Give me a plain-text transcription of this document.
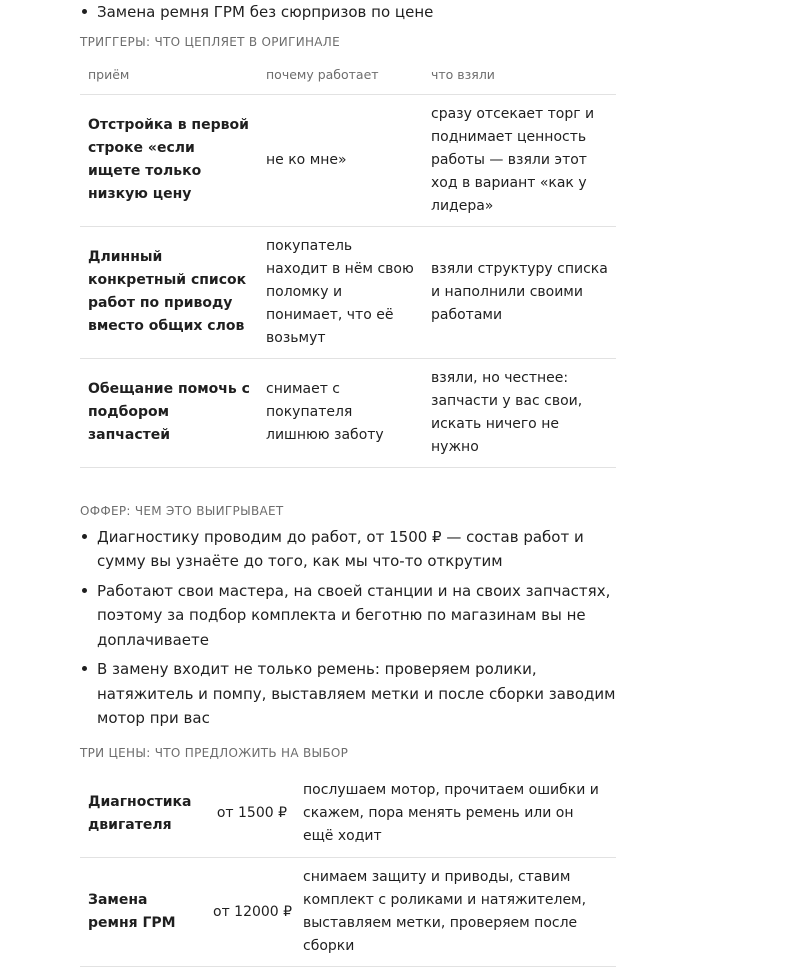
Замена ремня ГРМ без сюрпризов по цене
ТРИГГЕРЫ: ЧТО ЦЕПЛЯЕТ В ОРИГИНАЛЕ
приём	почему работает	что взяли
Отстройка в первой строке «если ищете только низкую цену	не ко мне»	сразу отсекает торг и поднимает ценность работы — взяли этот ход в вариант «как у лидера»
Длинный конкретный список работ по приводу вместо общих слов	покупатель находит в нём свою поломку и понимает, что её возьмут	взяли структуру списка и наполнили своими работами
Обещание помочь с подбором запчастей	снимает с покупателя лишнюю заботу	взяли, но честнее: запчасти у вас свои, искать ничего не нужно
ОФФЕР: ЧЕМ ЭТО ВЫИГРЫВАЕТ
Диагностику проводим до работ, от 1500 ₽ — состав работ и сумму вы узнаёте до того, как мы что-то открутим
Работают свои мастера, на своей станции и на своих запчастях, поэтому за подбор комплекта и беготню по магазинам вы не доплачиваете
В замену входит не только ремень: проверяем ролики, натяжитель и помпу, выставляем метки и после сборки заводим мотор при вас
ТРИ ЦЕНЫ: ЧТО ПРЕДЛОЖИТЬ НА ВЫБОР
Диагностика двигателя	от 1500 ₽	послушаем мотор, прочитаем ошибки и скажем, пора менять ремень или он ещё ходит
Замена ремня ГРМ	от 12000 ₽	снимаем защиту и приводы, ставим комплект с роликами и натяжителем, выставляем метки, проверяем после сборки
